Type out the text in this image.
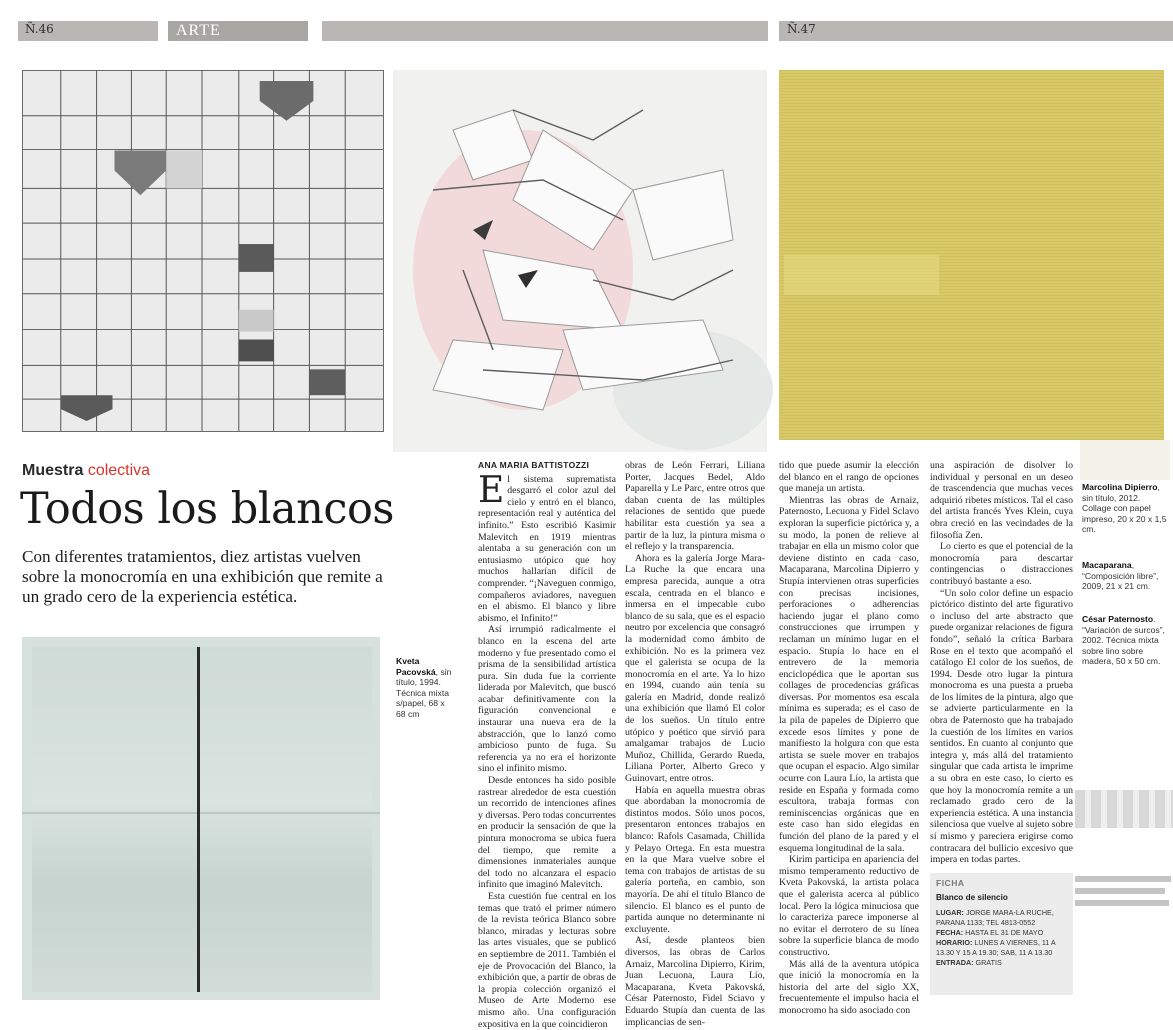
Ñ.46	ARTE	Ñ.47
Muestra colectiva
Todos los blancos
Con diferentes tratamientos, diez artistas vuelven sobre la monocromía en una exhibición que remite a un grado cero de la experiencia estética.
Kveta Pacovská, sin título, 1994. Técnica mixta s/papel, 68 x 68 cm
Marcolina Dipierro, sin título, 2012. Collage con papel impreso, 20 x 20 x 1,5 cm.
Macaparana, “Composición libre”, 2009, 21 x 21 cm.
César Paternosto. “Variación de surcos”, 2002. Técnica mixta sobre lino sobre madera, 50 x 50 cm.
ANA MARIA BATTISTOZZI

El sistema suprematista desgarró el color azul del cielo y entró en el blanco, representación real y auténtica del infinito.” Esto escribió Kasimir Malevitch en 1919 mientras alentaba a su generación con un entusiasmo utópico que hoy muchos hallarían difícil de comprender. “¡Naveguen conmigo, compañeros aviadores, naveguen en el abismo. El blanco y libre abismo, el Infinito!”

Así irrumpió radicalmente el blanco en la escena del arte moderno y fue presentado como el prisma de la sensibilidad artística pura. Sin duda fue la corriente liderada por Malevitch, que buscó acabar definitivamente con la figuración convencional e instaurar una nueva era de la abstracción, que lo lanzó como ambicioso punto de fuga. Su referencia ya no era el horizonte sino el infinito mismo.

Desde entonces ha sido posible rastrear alrededor de esta cuestión un recorrido de intenciones afines y diversas. Pero todas concurrentes en producir la sensación de que la pintura monocroma se ubica fuera del tiempo, que remite a dimensiones inmateriales aunque del todo no alcanzara el espacio infinito que imaginó Malevitch.

Esta cuestión fue central en los temas que trató el primer número de la revista teórica Blanco sobre blanco, miradas y lecturas sobre las artes visuales, que se publicó en septiembre de 2011. También el eje de Provocación del Blanco, la exhibición que, a partir de obras de la propia colección organizó el Museo de Arte Moderno ese mismo año. Una configuración expositiva en la que coincidieron

obras de León Ferrari, Liliana Porter, Jacques Bedel, Aldo Paparella y Le Parc, entre otros que daban cuenta de las múltiples relaciones de sentido que puede habilitar esta cuestión ya sea a partir de la luz, la pintura misma o el reflejo y la transparencia.

Ahora es la galería Jorge Mara-La Ruche la que encara una empresa parecida, aunque a otra escala, centrada en el blanco e inmersa en el impecable cubo blanco de su sala, que es el espacio neutro por excelencia que consagró la modernidad como ámbito de exhibición. No es la primera vez que el galerista se ocupa de la monocromía en el arte. Ya lo hizo en 1994, cuando aún tenía su galería en Madrid, donde realizó una exhibición que llamó El color de los sueños. Un título entre utópico y poético que sirvió para amalgamar trabajos de Lucio Muñoz, Chillida, Gerardo Rueda, Liliana Porter, Alberto Greco y Guinovart, entre otros.

Había en aquella muestra obras que abordaban la monocromía de distintos modos. Sólo unos pocos, presentaron entonces trabajos en blanco: Rafols Casamada, Chillida y Pelayo Ortega. En esta muestra en la que Mara vuelve sobre el tema con trabajos de artistas de su galería porteña, en cambio, son mayoría. De ahí el título Blanco de silencio. El blanco es el punto de partida aunque no determinante ni excluyente.

Así, desde planteos bien diversos, las obras de Carlos Arnaiz, Marcolina Dipierro, Kirim, Juan Lecuona, Laura Lío, Macaparana, Kveta Pakovská, César Paternosto, Fidel Sciavo y Eduardo Stupía dan cuenta de las implicancias de sen-

tido que puede asumir la elección del blanco en el rango de opciones que maneja un artista.

Mientras las obras de Arnaiz, Paternosto, Lecuona y Fidel Sclavo exploran la superficie pictórica y, a su modo, la ponen de relieve al trabajar en ella un mismo color que deviene distinto en cada caso, Macaparana, Marcolina Dipierro y Stupía intervienen otras superficies con precisas incisiones, perforaciones o adherencias haciendo jugar el plano como construcciones que irrumpen y reclaman un mínimo lugar en el espacio. Stupía lo hace en el entrevero de la memoria enciclopédica que le aportan sus collages de procedencias gráficas diversas. Por momentos esa escala mínima es superada; es el caso de la pila de papeles de Dipierro que excede esos límites y pone de manifiesto la holgura con que esta artista se suele mover en trabajos que ocupan el espacio. Algo similar ocurre con Laura Lío, la artista que reside en España y formada como escultora, trabaja formas con reminiscencias orgánicas que en este caso han sido elegidas en función del plano de la pared y el esquema longitudinal de la sala.

Kirim participa en apariencia del mismo temperamento reductivo de Kveta Pakovská, la artista polaca que el galerista acerca al público local. Pero la lógica minuciosa que lo caracteriza parece imponerse al no evitar el derrotero de su línea sobre la superficie blanca de modo constructivo.

Más allá de la aventura utópica que inició la monocromía en la historia del arte del siglo XX, frecuentemente el impulso hacia el monocromo ha sido asociado con

una aspiración de disolver lo individual y personal en un deseo de trascendencia que muchas veces adquirió ribetes místicos. Tal el caso del artista francés Yves Klein, cuya obra creció en las vecindades de la filosofía Zen.

Lo cierto es que el potencial de la monocromía para descartar contingencias o distracciones contribuyó bastante a eso.

“Un solo color define un espacio pictórico distinto del arte figurativo o incluso del arte abstracto que puede organizar relaciones de figura fondo”, señaló la crítica Barbara Rose en el texto que acompañó el catálogo El color de los sueños, de 1994. Desde otro lugar la pintura monocroma es una puesta a prueba de los límites de la pintura, algo que se advierte particularmente en la obra de Paternosto que ha trabajado la cuestión de los límites en varios sentidos. En cuanto al conjunto que integra y, más allá del tratamiento singular que cada artista le imprime a su obra en este caso, lo cierto es que hoy la monocromía remite a un reclamado grado cero de la experiencia estética. A una instancia silenciosa que vuelve al sujeto sobre sí mismo y pareciera erigirse como contracara del bullicio excesivo que impera en todas partes.

FICHA
Blanco de silencio
LUGAR: JORGE MARA-LA RUCHE, PARANA 1133; TEL 4813-0552
FECHA: HASTA EL 31 DE MAYO
HORARIO: LUNES A VIERNES, 11 A 13.30 Y 15 A 19.30; SAB, 11 A 13.30
ENTRADA: GRATIS
